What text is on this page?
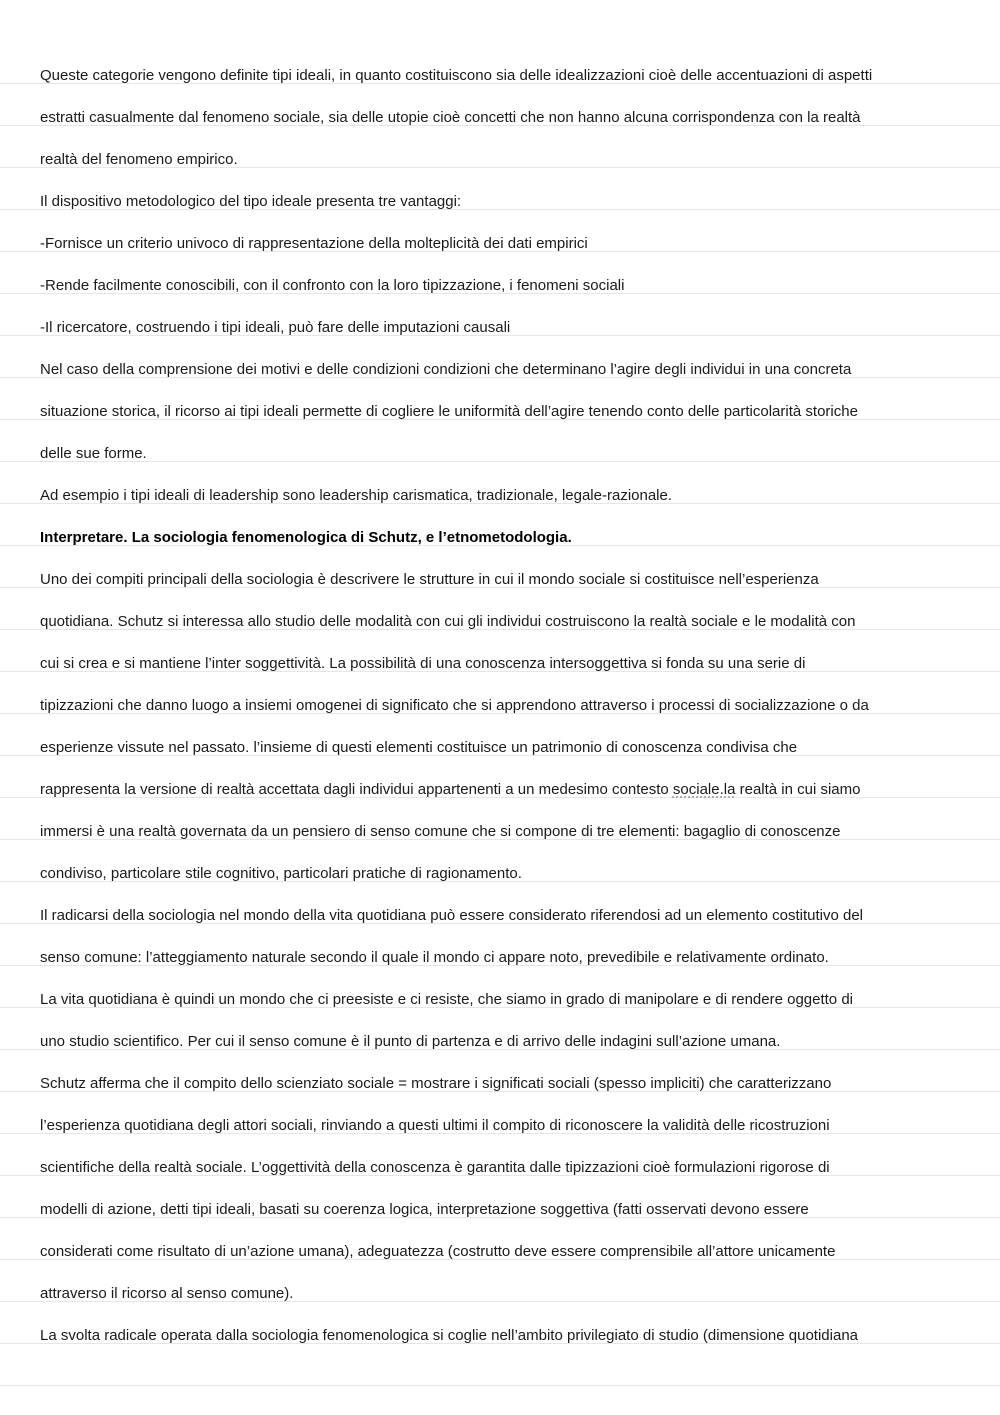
Queste categorie vengono definite tipi ideali, in quanto costituiscono sia delle idealizzazioni cioè delle accentuazioni di aspetti
estratti casualmente dal fenomeno sociale, sia delle utopie cioè concetti che non hanno alcuna corrispondenza con la realtà
realtà del fenomeno empirico.
Il dispositivo metodologico del tipo ideale presenta tre vantaggi:
-Fornisce un criterio univoco di rappresentazione della molteplicità dei dati empirici
-Rende facilmente conoscibili, con il confronto con la loro tipizzazione, i fenomeni sociali
-Il ricercatore, costruendo i tipi ideali, può fare delle imputazioni causali
Nel caso della comprensione dei motivi e delle condizioni condizioni che determinano l’agire degli individui in una concreta
situazione storica, il ricorso ai tipi ideali permette di cogliere le uniformità dell’agire tenendo conto delle particolarità storiche
delle sue forme.
Ad esempio i tipi ideali di leadership sono leadership carismatica, tradizionale, legale-razionale.
Interpretare. La sociologia fenomenologica di Schutz, e l’etnometodologia.
Uno dei compiti principali della sociologia è descrivere le strutture in cui il mondo sociale si costituisce nell’esperienza
quotidiana. Schutz si interessa allo studio delle modalità con cui gli individui costruiscono la realtà sociale e le modalità con
cui si crea e si mantiene l’inter soggettività. La possibilità di una conoscenza intersoggettiva si fonda su una serie di
tipizzazioni che danno luogo a insiemi omogenei di significato che si apprendono attraverso i processi di socializzazione o da
esperienze vissute nel passato. l’insieme di questi elementi costituisce un patrimonio di conoscenza condivisa che
rappresenta la versione di realtà accettata dagli individui appartenenti a un medesimo contesto sociale.la realtà in cui siamo
immersi è una realtà governata da un pensiero di senso comune che si compone di tre elementi: bagaglio di conoscenze
condiviso, particolare stile cognitivo, particolari pratiche di ragionamento.
Il radicarsi della sociologia nel mondo della vita quotidiana può essere considerato riferendosi ad un elemento costitutivo del
senso comune: l’atteggiamento naturale secondo il quale il mondo ci appare noto, prevedibile e relativamente ordinato.
La vita quotidiana è quindi un mondo che ci preesiste e ci resiste, che siamo in grado di manipolare e di rendere oggetto di
uno studio scientifico. Per cui il senso comune è il punto di partenza e di arrivo delle indagini sull’azione umana.
Schutz afferma che il compito dello scienziato sociale = mostrare i significati sociali (spesso impliciti) che caratterizzano
l’esperienza quotidiana degli attori sociali, rinviando a questi ultimi il compito di riconoscere la validità delle ricostruzioni
scientifiche della realtà sociale. L’oggettività della conoscenza è garantita dalle tipizzazioni cioè formulazioni rigorose di
modelli di azione, detti tipi ideali, basati su coerenza logica, interpretazione soggettiva (fatti osservati devono essere
considerati come risultato di un’azione umana), adeguatezza (costrutto deve essere comprensibile all’attore unicamente
attraverso il ricorso al senso comune).
La svolta radicale operata dalla sociologia fenomenologica si coglie nell’ambito privilegiato di studio (dimensione quotidiana
